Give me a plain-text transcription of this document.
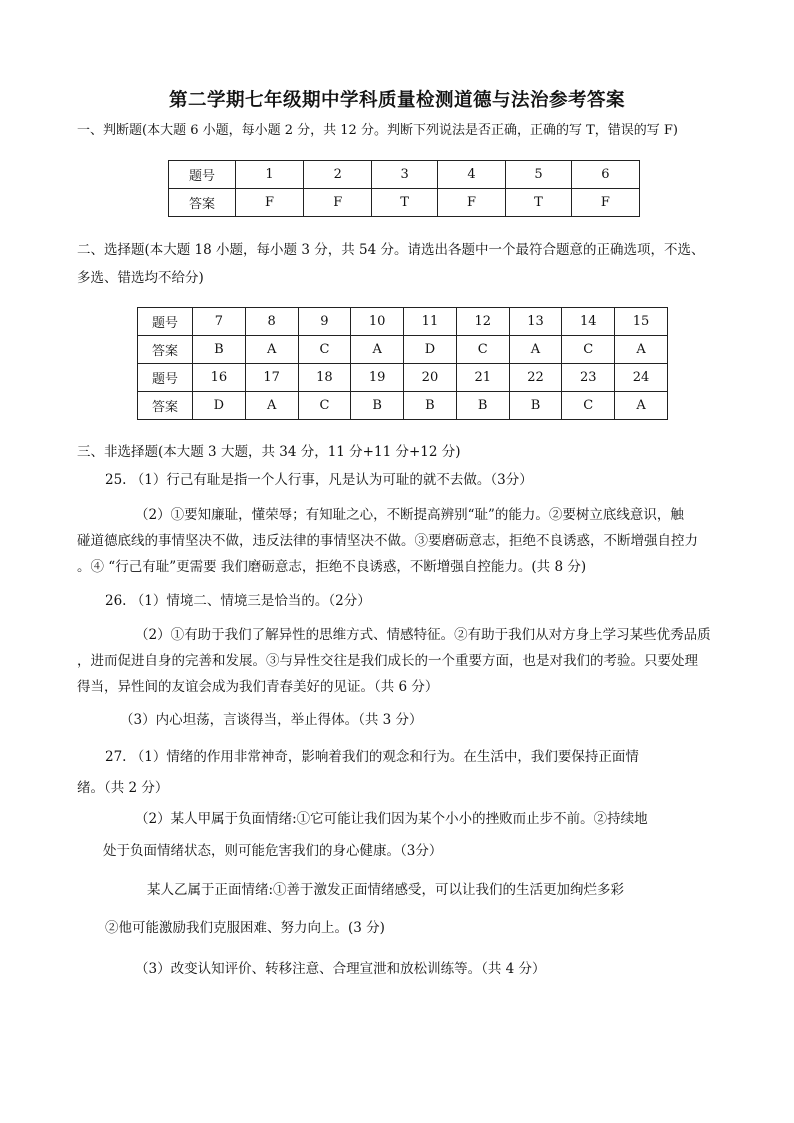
第二学期七年级期中学科质量检测道德与法治参考答案
一、判断题(本大题 6 小题，每小题 2 分，共 12 分。判断下列说法是否正确，正确的写 T，错误的写 F)
题号	1	2	3	4	5	6
答案	F	F	T	F	T	F
二、选择题(本大题 18 小题，每小题 3 分，共 54 分。请选出各题中一个最符合题意的正确选项，不选、
多选、错选均不给分)
题号	7	8	9	10	11	12	13	14	15
答案	B	A	C	A	D	C	A	C	A
题号	16	17	18	19	20	21	22	23	24
答案	D	A	C	B	B	B	B	C	A
三、非选择题(本大题 3 大题，共 34 分，11 分+11 分+12 分)
25. （1）行己有耻是指一个人行事，凡是认为可耻的就不去做。（3分）
（2）①要知廉耻，懂荣辱；有知耻之心，不断提高辨别“耻”的能力。②要树立底线意识，触
碰道德底线的事情坚决不做，违反法律的事情坚决不做。③要磨砺意志，拒绝不良诱惑，不断增强自控力
。④ “行己有耻”更需要 我们磨砺意志，拒绝不良诱惑，不断增强自控能力。(共 8 分)
26. （1）情境二、情境三是恰当的。（2分）
（2）①有助于我们了解异性的思维方式、情感特征。②有助于我们从对方身上学习某些优秀品质
，进而促进自身的完善和发展。③与异性交往是我们成长的一个重要方面，也是对我们的考验。只要处理
得当，异性间的友谊会成为我们青春美好的见证。（共 6 分）
（3）内心坦荡，言谈得当，举止得体。（共 3 分）
27. （1）情绪的作用非常神奇，影响着我们的观念和行为。在生活中，我们要保持正面情
绪。（共 2 分）
（2）某人甲属于负面情绪:①它可能让我们因为某个小小的挫败而止步不前。②持续地
处于负面情绪状态，则可能危害我们的身心健康。（3分）
某人乙属于正面情绪:①善于激发正面情绪感受，可以让我们的生活更加绚烂多彩
②他可能激励我们克服困难、努力向上。(3 分)
（3）改变认知评价、转移注意、合理宣泄和放松训练等。（共 4 分）
